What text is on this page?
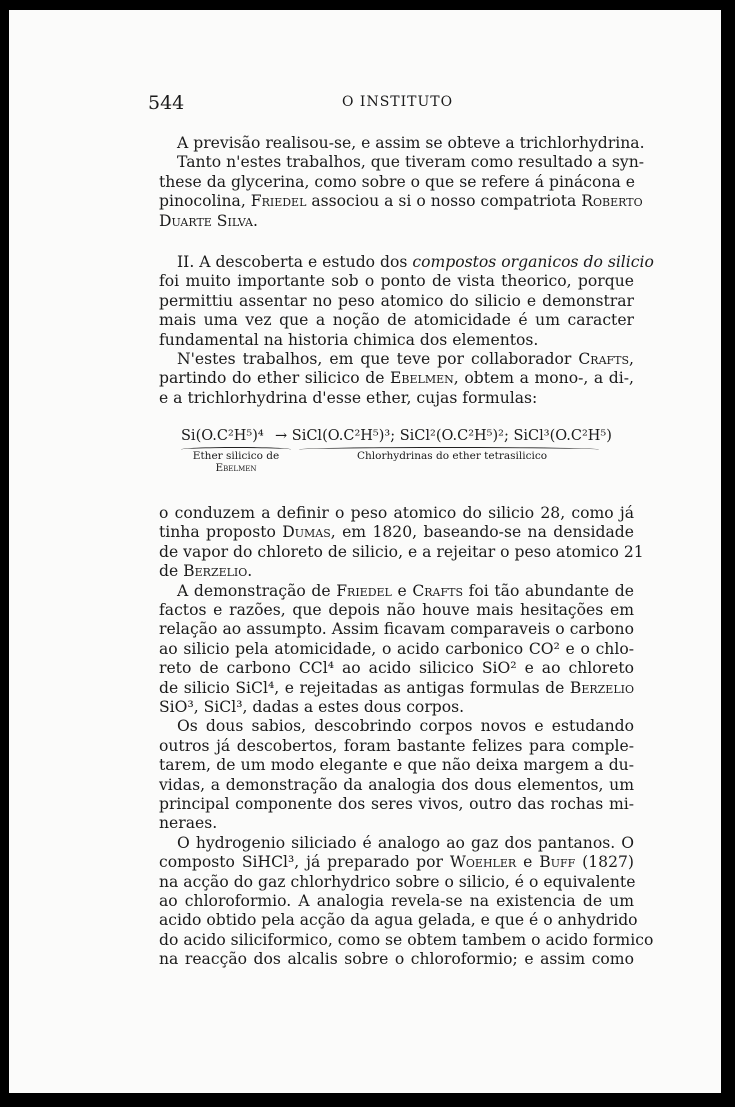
544	O INSTITUTO
A previsão realisou-se, e assim se obteve a trichlorhydrina.
Tanto n'estes trabalhos, que tiveram como resultado a syn-
these da glycerina, como sobre o que se refere á pinácona e
pinocolina, Friedel associou a si o nosso compatriota Roberto
Duarte Silva.
II. A descoberta e estudo dos compostos organicos do silicio
foi muito importante sob o ponto de vista theorico, porque
permittiu assentar no peso atomico do silicio e demonstrar
mais uma vez que a noção de atomicidade é um caracter
fundamental na historia chimica dos elementos.
N'estes trabalhos, em que teve por collaborador Crafts,
partindo do ether silicico de Ebelmen, obtem a mono-, a di-,
e a trichlorhydrina d'esse ether, cujas formulas:
Si(O.C²H⁵)⁴ → SiCl(O.C²H⁵)³; SiCl²(O.C²H⁵)²; SiCl³(O.C²H⁵)
Ether silicico de
Ebelmen
Chlorhydrinas do ether tetrasilicico
o conduzem a definir o peso atomico do silicio 28, como já
tinha proposto Dumas, em 1820, baseando-se na densidade
de vapor do chloreto de silicio, e a rejeitar o peso atomico 21
de Berzelio.
A demonstração de Friedel e Crafts foi tão abundante de
factos e razões, que depois não houve mais hesitações em
relação ao assumpto. Assim ficavam comparaveis o carbono
ao silicio pela atomicidade, o acido carbonico CO² e o chlo-
reto de carbono CCl⁴ ao acido silicico SiO² e ao chloreto
de silicio SiCl⁴, e rejeitadas as antigas formulas de Berzelio
SiO³, SiCl³, dadas a estes dous corpos.
Os dous sabios, descobrindo corpos novos e estudando
outros já descobertos, foram bastante felizes para comple-
tarem, de um modo elegante e que não deixa margem a du-
vidas, a demonstração da analogia dos dous elementos, um
principal componente dos seres vivos, outro das rochas mi-
neraes.
O hydrogenio siliciado é analogo ao gaz dos pantanos. O
composto SiHCl³, já preparado por Woehler e Buff (1827)
na acção do gaz chlorhydrico sobre o silicio, é o equivalente
ao chloroformio. A analogia revela-se na existencia de um
acido obtido pela acção da agua gelada, e que é o anhydrido
do acido siliciformico, como se obtem tambem o acido formico
na reacção dos alcalis sobre o chloroformio; e assim como
